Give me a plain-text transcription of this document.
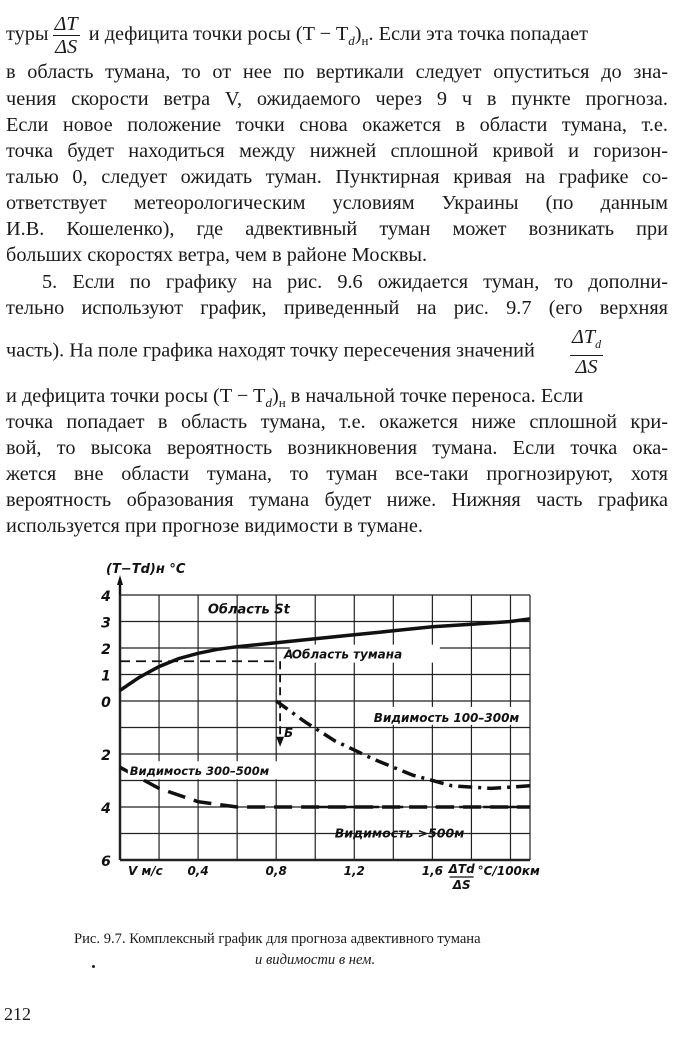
туры $\frac{\Delta T}{\Delta S}$ и дефицита точки росы $(T - T_d)_н$. Если эта точка попадает

в область тумана, то от нее по вертикали следует опуститься до зна-

чения скорости ветра V, ожидаемого через 9 ч в пункте прогноза.

Если новое положение точки снова окажется в области тумана, т.е.

точка будет находиться между нижней сплошной кривой и горизон-

талью 0, следует ожидать туман. Пунктирная кривая на графике со-

ответствует метеорологическим условиям Украины (по данным

И.В. Кошеленко), где адвективный туман может возникать при

больших скоростях ветра, чем в районе Москвы.

5. Если по графику на рис. 9.6 ожидается туман, то дополни-

тельно используют график, приведенный на рис. 9.7 (его верхняя

часть). На поле графика находят точку пересечения значений $\frac{\Delta T_d}{\Delta S}$
и дефицита точки росы $(T - T_d)_н$ в начальной точке переноса. Если

точка попадает в область тумана, т.е. окажется ниже сплошной кри-

вой, то высока вероятность возникновения тумана. Если точка ока-

жется вне области тумана, то туман все-таки прогнозируют, хотя

вероятность образования тумана будет ниже. Нижняя часть графика

используется при прогнозе видимости в тумане.

4
3
2
1
0
2
4
6
(T−Td)н °C
V м/с 0,4	0,8	1,2	1,6 ΔTd
ΔS
°C/100км
Область St
Область тумана
Видимость 100–300м
Видимость 300–500м
Видимость >500м
А
Б
Рис. 9.7. Комплексный график для прогноза адвективного тумана
и видимости в нем.
212
